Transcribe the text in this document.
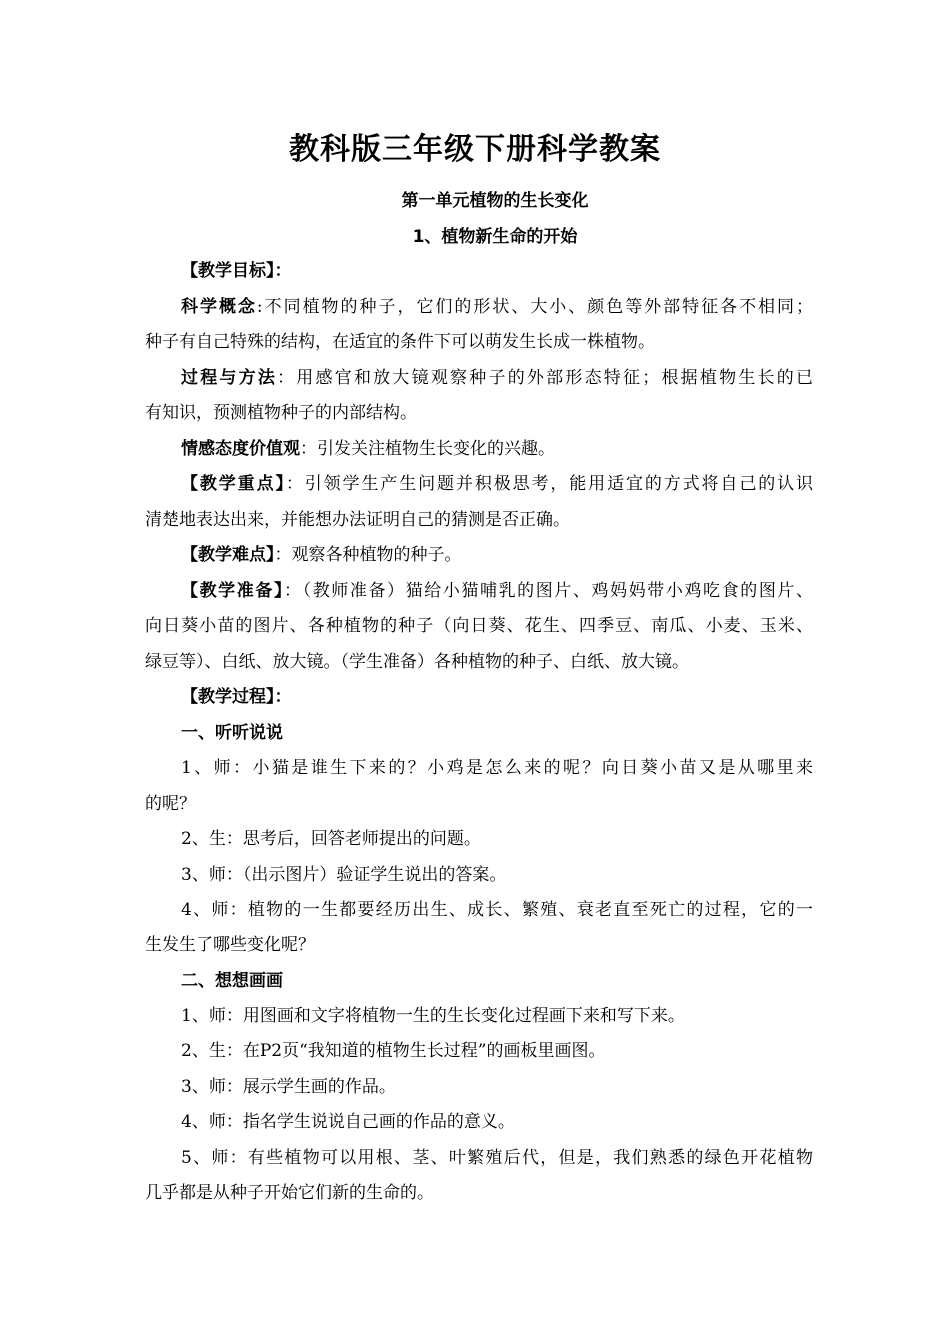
教科版三年级下册科学教案
第一单元植物的生长变化
1、植物新生命的开始
【教学目标】：
科学概念:不同植物的种子，它们的形状、大小、颜色等外部特征各不相同；
种子有自己特殊的结构，在适宜的条件下可以萌发生长成一株植物。
过程与方法：用感官和放大镜观察种子的外部形态特征；根据植物生长的已
有知识，预测植物种子的内部结构。
情感态度价值观：引发关注植物生长变化的兴趣。
【教学重点】：引领学生产生问题并积极思考，能用适宜的方式将自己的认识
清楚地表达出来，并能想办法证明自己的猜测是否正确。
【教学难点】：观察各种植物的种子。
【教学准备】：（教师准备）猫给小猫哺乳的图片、鸡妈妈带小鸡吃食的图片、
向日葵小苗的图片、各种植物的种子（向日葵、花生、四季豆、南瓜、小麦、玉米、
绿豆等）、白纸、放大镜。（学生准备）各种植物的种子、白纸、放大镜。
【教学过程】：
一、听听说说
1、师：小猫是谁生下来的？小鸡是怎么来的呢？向日葵小苗又是从哪里来
的呢？
2、生：思考后，回答老师提出的问题。
3、师：（出示图片）验证学生说出的答案。
4、师：植物的一生都要经历出生、成长、繁殖、衰老直至死亡的过程，它的一
生发生了哪些变化呢？
二、想想画画
1、师：用图画和文字将植物一生的生长变化过程画下来和写下来。
2、生：在P2页“我知道的植物生长过程”的画板里画图。
3、师：展示学生画的作品。
4、师：指名学生说说自己画的作品的意义。
5、师：有些植物可以用根、茎、叶繁殖后代，但是，我们熟悉的绿色开花植物
几乎都是从种子开始它们新的生命的。
